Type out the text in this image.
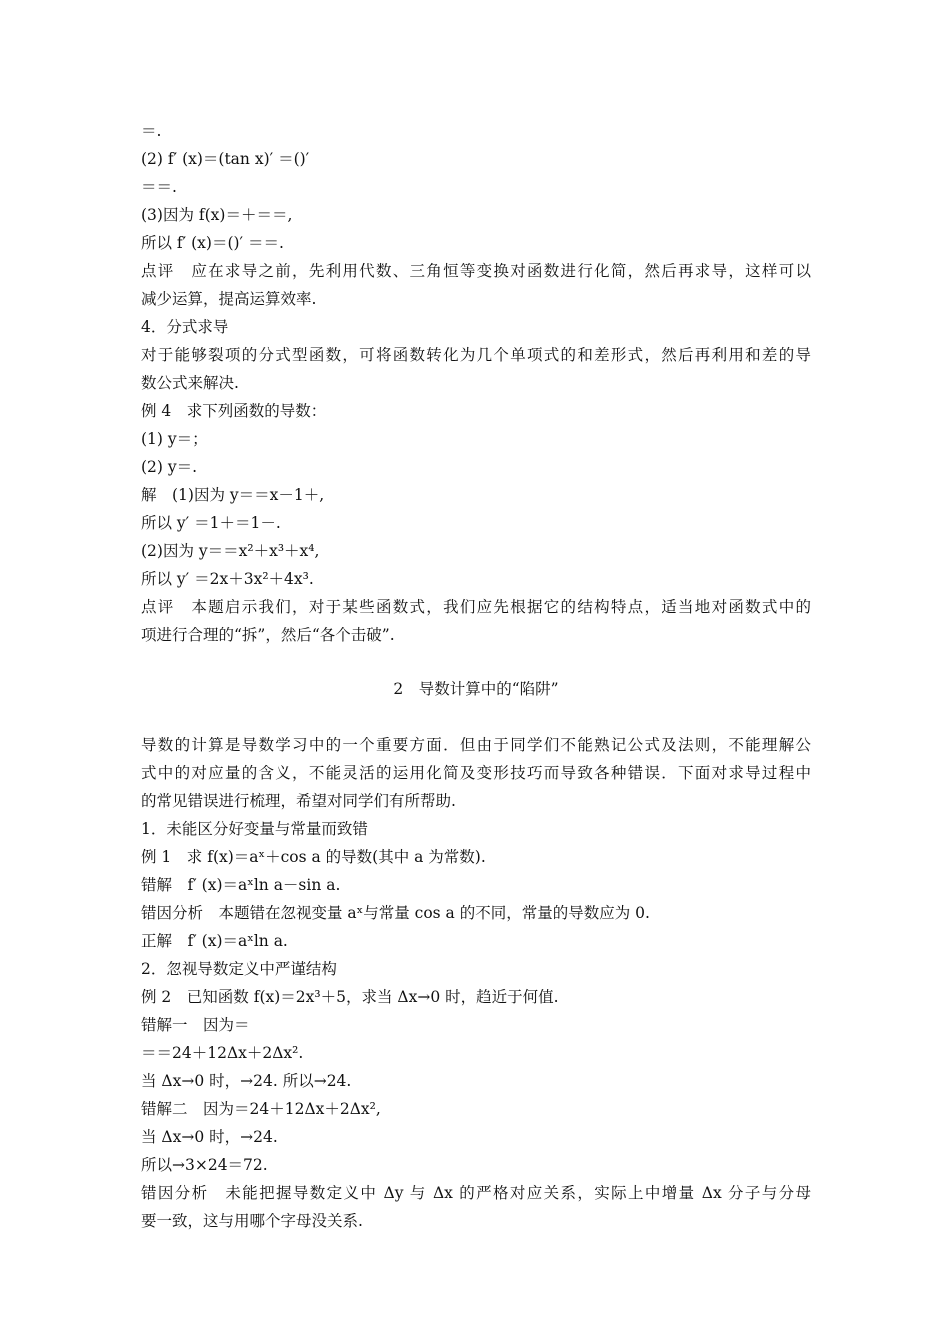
＝.
(2) f′ (x)＝(tan x)′ ＝()′
＝＝.
(3)因为 f(x)＝＋＝＝,
所以 f′ (x)＝()′ ＝＝.
点评　应在求导之前，先利用代数、三角恒等变换对函数进行化简，然后再求导，这样可以
减少运算，提高运算效率.
4．分式求导
对于能够裂项的分式型函数，可将函数转化为几个单项式的和差形式，然后再利用和差的导
数公式来解决.
例 4　求下列函数的导数：
(1) y＝；
(2) y＝.
解　(1)因为 y＝＝x－1＋,
所以 y′ ＝1＋＝1－.
(2)因为 y＝＝x²＋x³＋x⁴,
所以 y′ ＝2x＋3x²＋4x³.
点评　本题启示我们，对于某些函数式，我们应先根据它的结构特点，适当地对函数式中的
项进行合理的“拆”，然后“各个击破”.
2　导数计算中的“陷阱”
导数的计算是导数学习中的一个重要方面．但由于同学们不能熟记公式及法则，不能理解公
式中的对应量的含义，不能灵活的运用化简及变形技巧而导致各种错误．下面对求导过程中
的常见错误进行梳理，希望对同学们有所帮助.
1．未能区分好变量与常量而致错
例 1　求 f(x)＝aˣ＋cos a 的导数(其中 a 为常数).
错解　f′ (x)＝aˣln a－sin a.
错因分析　本题错在忽视变量 aˣ与常量 cos a 的不同，常量的导数应为 0.
正解　f′ (x)＝aˣln a.
2．忽视导数定义中严谨结构
例 2　已知函数 f(x)＝2x³＋5，求当 Δx→0 时，趋近于何值.
错解一　因为＝
＝＝24＋12Δx＋2Δx².
当 Δx→0 时，→24. 所以→24.
错解二　因为＝24＋12Δx＋2Δx²,
当 Δx→0 时，→24.
所以→3×24＝72.
错因分析　未能把握导数定义中 Δy 与 Δx 的严格对应关系，实际上中增量 Δx 分子与分母
要一致，这与用哪个字母没关系.
